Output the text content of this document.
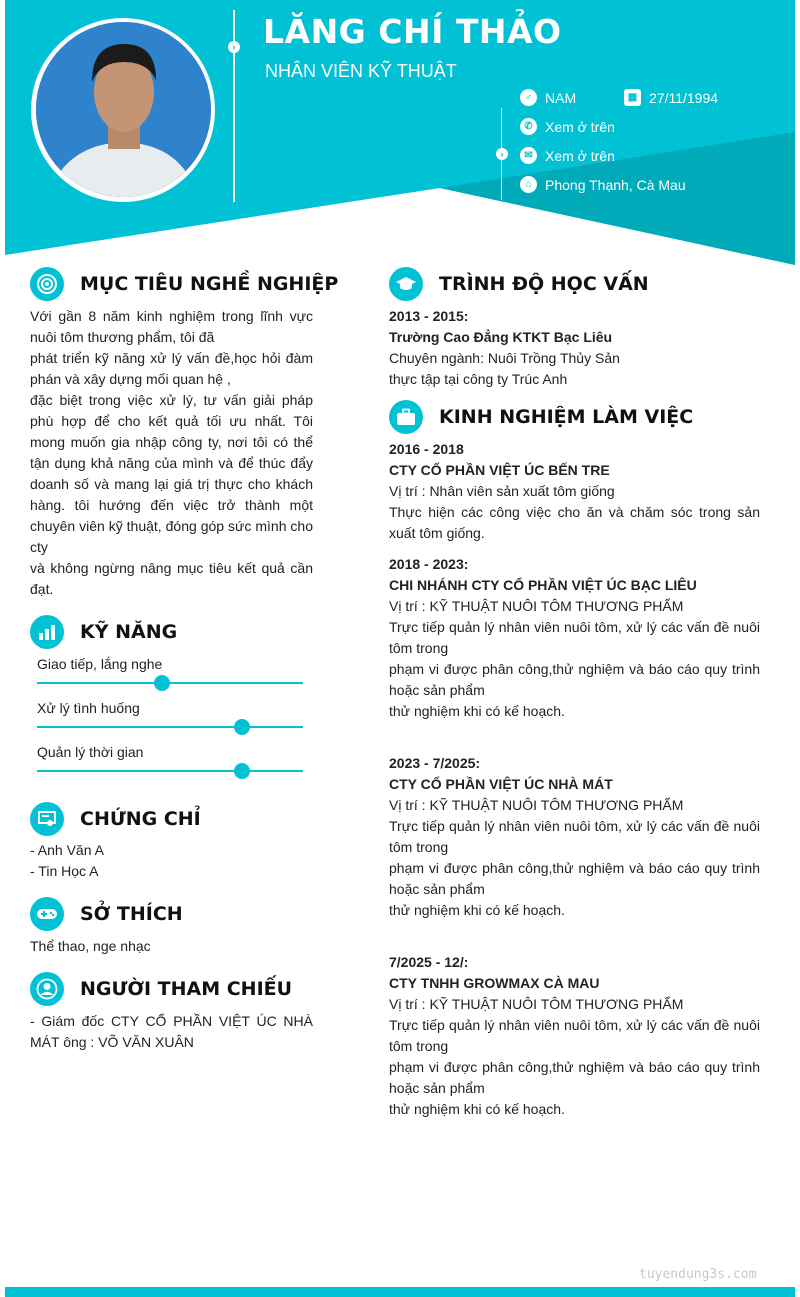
› LĂNG CHÍ THẢO
NHÂN VIÊN KỸ THUẬT
›
♂ NAM	▦ 27/11/1994
✆ Xem ở trên
✉ Xem ở trên
⌂ Phong Thạnh, Cà Mau
MỤC TIÊU NGHỀ NGHIỆP
Với gần 8 năm kinh nghiệm trong lĩnh vực nuôi tôm thương phẩm, tôi đã
phát triển kỹ năng xử lý vấn đề,học hỏi đàm phán và xây dựng mối quan hệ ,
đặc biệt trong việc xử lý, tư vấn giải pháp phù hợp để cho kết quả tối ưu nhất. Tôi mong muốn gia nhập công ty, nơi tôi có thể tận dụng khả năng của mình và để thúc đẩy doanh số và mang lại giá trị thực cho khách hàng. tôi hướng đến việc trở thành một chuyên viên kỹ thuật, đóng góp sức mình cho cty
và không ngừng nâng mục tiêu kết quả cần đạt.
KỸ NĂNG
Giao tiếp, lắng nghe
Xử lý tình huống
Quản lý thời gian
CHỨNG CHỈ
- Anh Văn A
- Tin Học A
SỞ THÍCH
Thể thao, nge nhạc
NGƯỜI THAM CHIẾU
- Giám đốc CTY CỔ PHẦN VIỆT ÚC NHÀ MÁT ông : VÕ VĂN XUÂN
TRÌNH ĐỘ HỌC VẤN
2013 - 2015:
Trường Cao Đẳng KTKT Bạc Liêu
Chuyên ngành: Nuôi Trồng Thủy Sản
thực tập tại công ty Trúc Anh
KINH NGHIỆM LÀM VIỆC
2016 - 2018
CTY CỔ PHẦN VIỆT ÚC BẾN TRE
Vị trí : Nhân viên sản xuất tôm giống
Thực hiện các công việc cho ăn và chăm sóc trong sản xuất tôm giống.
2018 - 2023:
CHI NHÁNH CTY CỔ PHẦN VIỆT ÚC BẠC LIÊU
Vị trí : KỸ THUẬT NUÔI TÔM THƯƠNG PHẨM
Trực tiếp quản lý nhân viên nuôi tôm, xử lý các vấn đề nuôi tôm trong
phạm vi được phân công,thử nghiệm và báo cáo quy trình hoặc sản phẩm
thử nghiệm khi có kế hoạch.
2023 - 7/2025:
CTY CỔ PHẦN VIỆT ÚC NHÀ MÁT
Vị trí : KỸ THUẬT NUÔI TÔM THƯƠNG PHẨM
Trực tiếp quản lý nhân viên nuôi tôm, xử lý các vấn đề nuôi tôm trong
phạm vi được phân công,thử nghiệm và báo cáo quy trình hoặc sản phẩm
thử nghiệm khi có kế hoạch.
7/2025 - 12/:
CTY TNHH GROWMAX CÀ MAU
Vị trí : KỸ THUẬT NUÔI TÔM THƯƠNG PHẨM
Trực tiếp quản lý nhân viên nuôi tôm, xử lý các vấn đề nuôi tôm trong
phạm vi được phân công,thử nghiệm và báo cáo quy trình hoặc sản phẩm
thử nghiệm khi có kế hoạch.
tuyendung3s.com
